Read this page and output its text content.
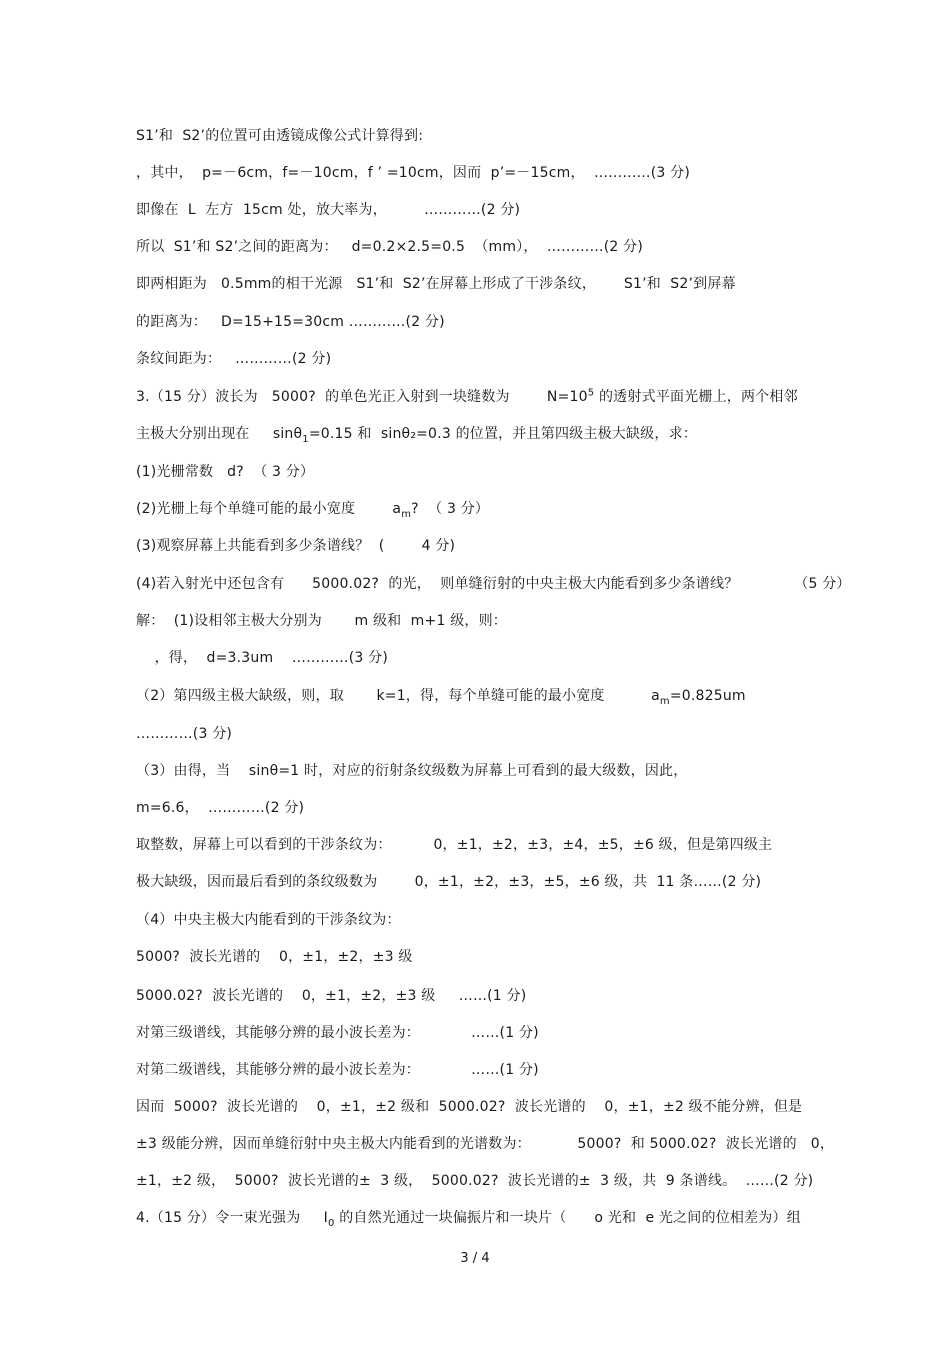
S1’和  S2’的位置可由透镜成像公式计算得到:
，其中，  p=－6cm，f=－10cm，f ’ =10cm，因而  p’=－15cm，  …………(3 分)
即像在  L  左方  15cm 处，放大率为，        …………(2 分)
所以  S1’和 S2’之间的距离为：   d=0.2×2.5=0.5  （mm），  …………(2 分)
即两相距为   0.5mm的相干光源   S1’和  S2’在屏幕上形成了干涉条纹，      S1’和  S2’到屏幕
的距离为：   D=15+15=30cm …………(2 分)
条纹间距为：   …………(2 分)
3.（15 分）波长为   5000?  的单色光正入射到一块缝数为        $N=10^5$ 的透射式平面光栅上，两个相邻
主极大分别出现在     sinθ$_1$=0.15 和  sinθ₂=0.3 的位置，并且第四级主极大缺级，求：
(1)光栅常数   d?  （ 3 分）
(2)光栅上每个单缝可能的最小宽度        $a_m$?  （ 3 分）
(3)观察屏幕上共能看到多少条谱线？  (        4 分)
(4)若入射光中还包含有      5000.02?  的光，  则单缝衍射的中央主极大内能看到多少条谱线？            （5 分）
解：  (1)设相邻主极大分别为       m 级和  m+1 级，则：
，得，  d=3.3um    …………(3 分)
（2）第四级主极大缺级，则，取       k=1，得，每个单缝可能的最小宽度          $a_m=0.825um$
…………(3 分)
（3）由得，当    sinθ=1 时，对应的衍射条纹级数为屏幕上可看到的最大级数，因此，
m=6.6，  …………(2 分)
取整数，屏幕上可以看到的干涉条纹为：         0，±1，±2，±3，±4，±5，±6 级，但是第四级主
极大缺级，因而最后看到的条纹级数为        0，±1，±2，±3，±5，±6 级，共  11 条……(2 分)
（4）中央主极大内能看到的干涉条纹为：
5000?  波长光谱的    0，±1，±2，±3 级
5000.02?  波长光谱的    0，±1，±2，±3 级     ……(1 分)
对第三级谱线，其能够分辨的最小波长差为：           ……(1 分)
对第二级谱线，其能够分辨的最小波长差为：           ……(1 分)
因而  5000?  波长光谱的    0，±1，±2 级和  5000.02?  波长光谱的    0，±1，±2 级不能分辨，但是
±3 级能分辨，因而单缝衍射中央主极大内能看到的光谱数为：          5000?  和 5000.02?  波长光谱的   0，
±1，±2 级，  5000?  波长光谱的±  3 级，  5000.02?  波长光谱的±  3 级，共  9 条谱线。  ……(2 分)
4.（15 分）令一束光强为     $I_0$ 的自然光通过一块偏振片和一块片（      o 光和  e 光之间的位相差为）组
3 / 4
